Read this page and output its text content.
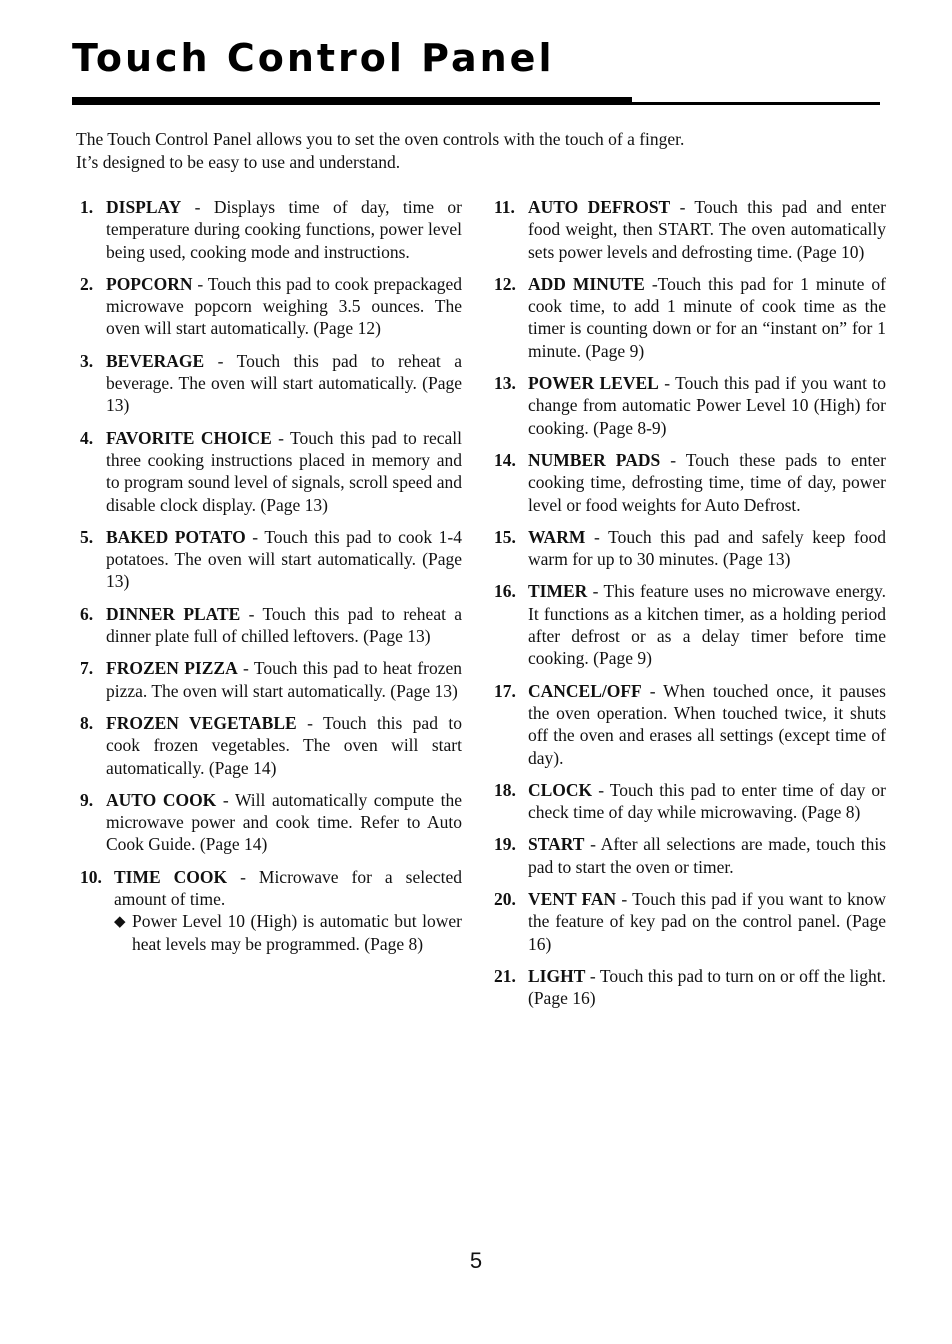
Touch Control Panel

The Touch Control Panel allows you to set the oven controls with the touch of a finger.

It’s designed to be easy to use and understand.

1. DISPLAY - Displays time of day, time or temperature during cooking functions, power level being used, cooking mode and instructions.
2. POPCORN - Touch this pad to cook prepackaged microwave popcorn weighing 3.5 ounces. The oven will start automatically. (Page 12)
3. BEVERAGE - Touch this pad to reheat a beverage. The oven will start automatically. (Page 13)
4. FAVORITE CHOICE - Touch this pad to recall three cooking instructions placed in memory and to program sound level of signals, scroll speed and disable clock display. (Page 13)
5. BAKED POTATO - Touch this pad to cook 1-4 potatoes. The oven will start automatically. (Page 13)
6. DINNER PLATE - Touch this pad to reheat a dinner plate full of chilled leftovers. (Page 13)
7. FROZEN PIZZA - Touch this pad to heat frozen pizza. The oven will start automatically. (Page 13)
8. FROZEN VEGETABLE - Touch this pad to cook frozen vegetables. The oven will start automatically. (Page 14)
9. AUTO COOK - Will automatically compute the microwave power and cook time. Refer to Auto Cook Guide. (Page 14)
10. TIME COOK - Microwave for a selected amount of time.
◆ Power Level 10 (High) is automatic but lower heat levels may be programmed. (Page 8)
11. AUTO DEFROST - Touch this pad and enter food weight, then START. The oven automatically sets power levels and defrosting time. (Page 10)
12. ADD MINUTE -Touch this pad for 1 minute of cook time, to add 1 minute of cook time as the timer is counting down or for an “instant on” for 1 minute. (Page 9)
13. POWER LEVEL - Touch this pad if you want to change from automatic Power Level 10 (High) for cooking. (Page 8-9)
14. NUMBER PADS - Touch these pads to enter cooking time, defrosting time, time of day, power level or food weights for Auto Defrost.
15. WARM - Touch this pad and safely keep food warm for up to 30 minutes. (Page 13)
16. TIMER - This feature uses no microwave energy. It functions as a kitchen timer, as a holding period after defrost or as a delay timer before time cooking. (Page 9)
17. CANCEL/OFF - When touched once, it pauses the oven operation. When touched twice, it shuts off the oven and erases all settings (except time of day).
18. CLOCK - Touch this pad to enter time of day or check time of day while microwaving. (Page 8)
19. START - After all selections are made, touch this pad to start the oven or timer.
20. VENT FAN - Touch this pad if you want to know the feature of key pad on the control panel. (Page 16)
21. LIGHT - Touch this pad to turn on or off the light. (Page 16)
5
